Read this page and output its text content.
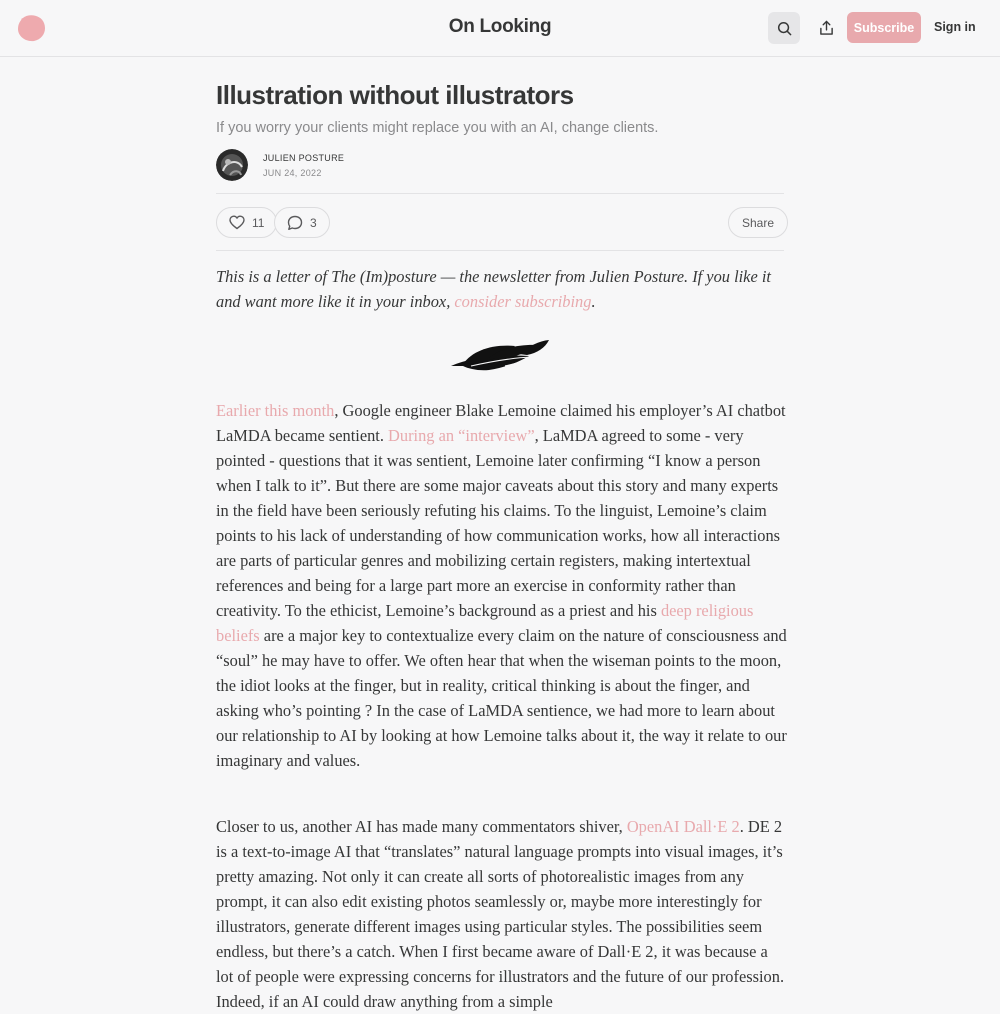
On Looking	Subscribe	Sign in
Illustration without illustrators
If you worry your clients might replace you with an AI, change clients.
JULIEN POSTURE
JUN 24, 2022
11	3	Share

This is a letter of The (Im)posture — the newsletter from Julien Posture. If you like it and want more like it in your inbox, consider subscribing.

Earlier this month, Google engineer Blake Lemoine claimed his employer’s AI chatbot LaMDA became sentient. During an “interview”, LaMDA agreed to some - very pointed - questions that it was sentient, Lemoine later confirming “I know a person when I talk to it”. But there are some major caveats about this story and many experts in the field have been seriously refuting his claims. To the linguist, Lemoine’s claim points to his lack of understanding of how communication works, how all interactions are parts of particular genres and mobilizing certain registers, making intertextual references and being for a large part more an exercise in conformity rather than creativity. To the ethicist, Lemoine’s background as a priest and his deep religious beliefs are a major key to contextualize every claim on the nature of consciousness and “soul” he may have to offer. We often hear that when the wiseman points to the moon, the idiot looks at the finger, but in reality, critical thinking is about the finger, and asking who’s pointing ? In the case of LaMDA sentience, we had more to learn about our relationship to AI by looking at how Lemoine talks about it, the way it relate to our imaginary and values.

Closer to us, another AI has made many commentators shiver, OpenAI Dall·E 2. DE 2 is a text-to-image AI that “translates” natural language prompts into visual images, it’s pretty amazing. Not only it can create all sorts of photorealistic images from any prompt, it can also edit existing photos seamlessly or, maybe more interestingly for illustrators, generate different images using particular styles. The possibilities seem endless, but there’s a catch. When I first became aware of Dall·E 2, it was because a lot of people were expressing concerns for illustrators and the future of our profession. Indeed, if an AI could draw anything from a simple
